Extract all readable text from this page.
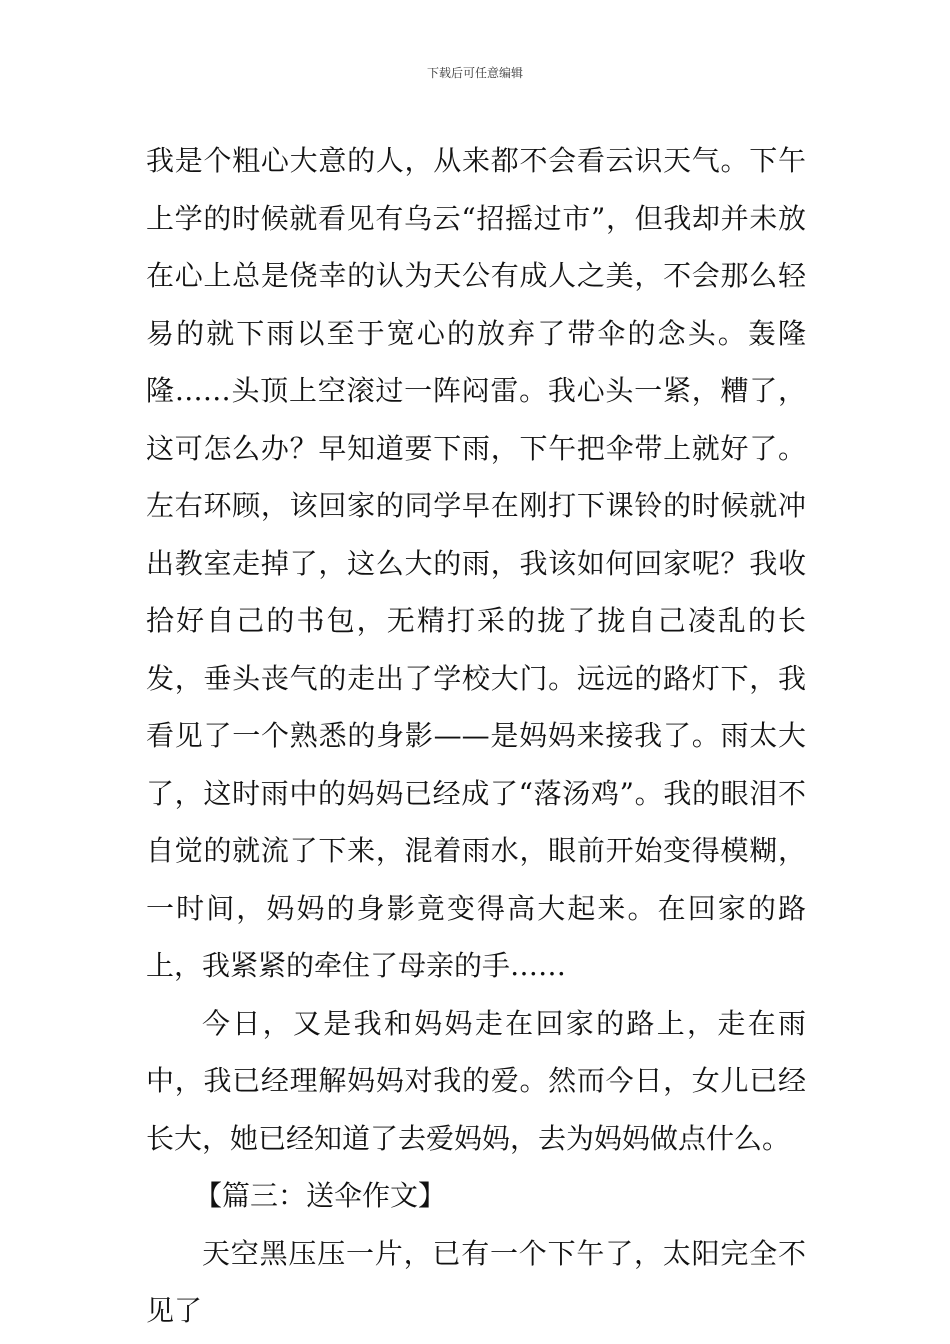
下载后可任意编辑

我是个粗心大意的人，从来都不会看云识天气。下午上学的时候就看见有乌云“招摇过市”，但我却并未放在心上总是侥幸的认为天公有成人之美，不会那么轻易的就下雨以至于宽心的放弃了带伞的念头。轰隆隆……头顶上空滚过一阵闷雷。我心头一紧，糟了，这可怎么办？早知道要下雨，下午把伞带上就好了。左右环顾，该回家的同学早在刚打下课铃的时候就冲出教室走掉了，这么大的雨，我该如何回家呢？我收拾好自己的书包，无精打采的拢了拢自己凌乱的长发，垂头丧气的走出了学校大门。远远的路灯下，我看见了一个熟悉的身影——是妈妈来接我了。雨太大了，这时雨中的妈妈已经成了“落汤鸡”。我的眼泪不自觉的就流了下来，混着雨水，眼前开始变得模糊，一时间，妈妈的身影竟变得高大起来。在回家的路上，我紧紧的牵住了母亲的手……

今日，又是我和妈妈走在回家的路上，走在雨中，我已经理解妈妈对我的爱。然而今日，女儿已经长大，她已经知道了去爱妈妈，去为妈妈做点什么。

【篇三：送伞作文】

天空黑压压一片，已有一个下午了，太阳完全不见了
